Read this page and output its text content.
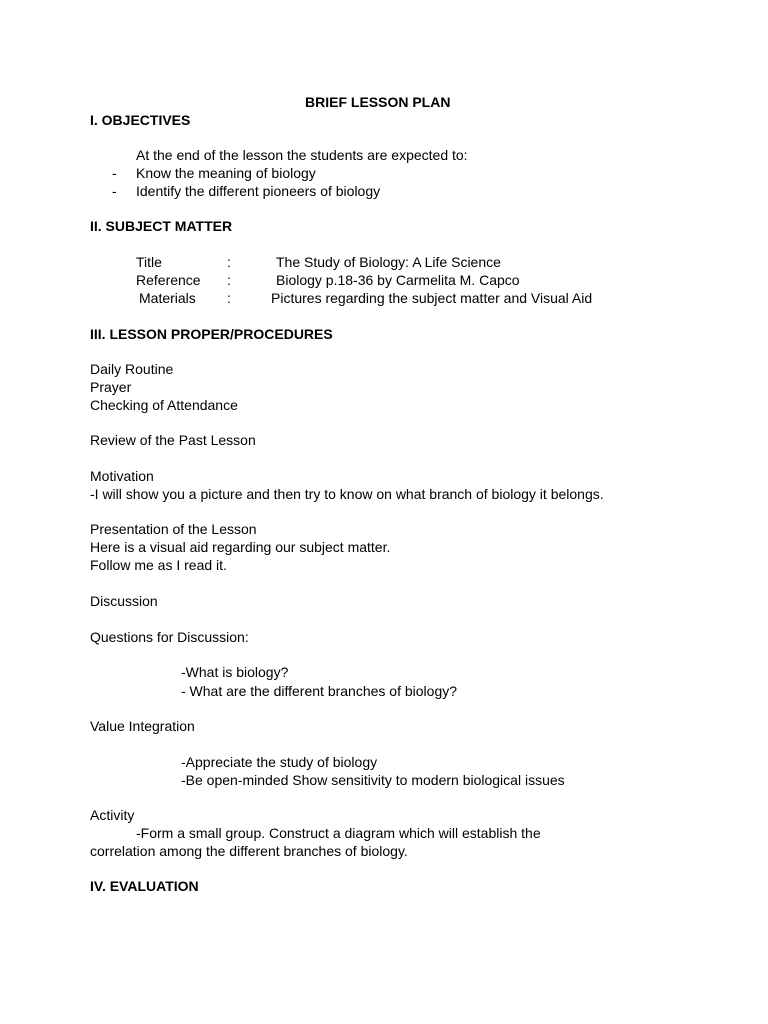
BRIEF LESSON PLAN
I. OBJECTIVES
At the end of the lesson the students are expected to:
- Know the meaning of biology
- Identify the different pioneers of biology
II. SUBJECT MATTER
Title	:	The Study of Biology: A Life Science
Reference :	Biology p.18-36 by Carmelita M. Capco
Materials :	Pictures regarding the subject matter and Visual Aid
III. LESSON PROPER/PROCEDURES
Daily Routine
Prayer
Checking of Attendance
Review of the Past Lesson
Motivation
-I will show you a picture and then try to know on what branch of biology it belongs.
Presentation of the Lesson
Here is a visual aid regarding our subject matter.
Follow me as I read it.
Discussion
Questions for Discussion:
-What is biology?
- What are the different branches of biology?
Value Integration
-Appreciate the study of biology
-Be open-minded Show sensitivity to modern biological issues
Activity
-Form a small group. Construct a diagram which will establish the
correlation among the different branches of biology.
IV. EVALUATION
